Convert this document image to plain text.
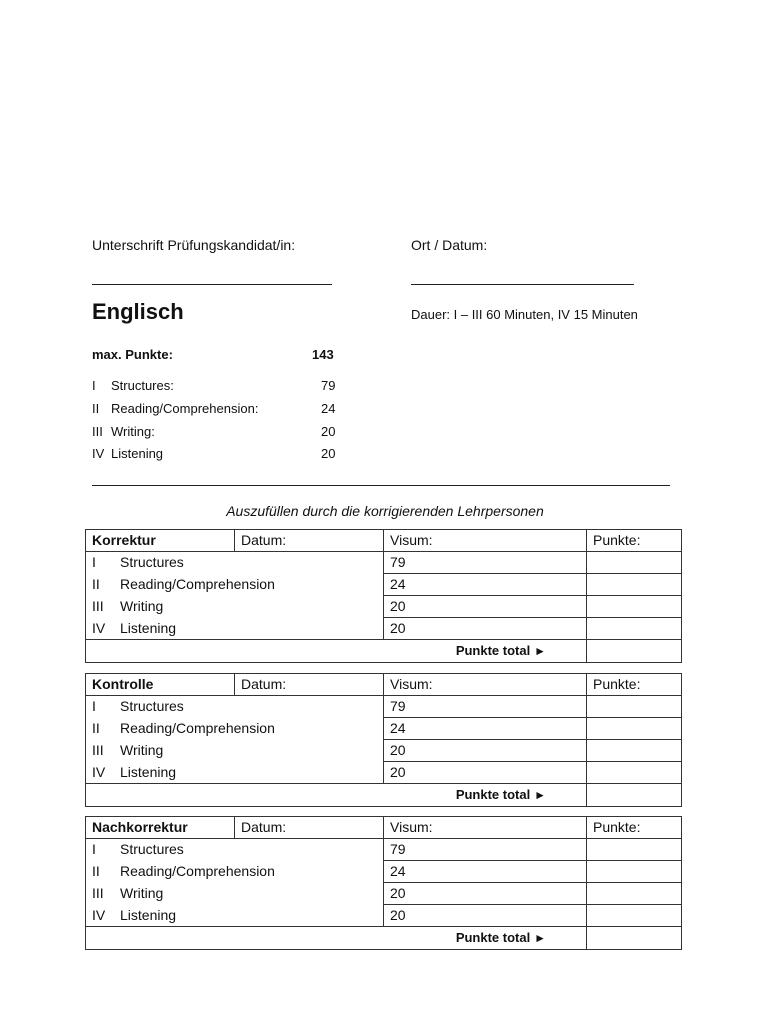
Unterschrift Prüfungskandidat/in:	Ort / Datum:
Englisch	Dauer: I – III 60 Minuten, IV 15 Minuten
max. Punkte:	143
I Structures:	79
II Reading/Comprehension:	24
III Writing:	20
IV Listening	20
Auszufüllen durch die korrigierenden Lehrpersonen
Korrektur	Datum:	Visum:	Punkte:
I Structures		79	
II Reading/Comprehension		24	
III Writing		20	
IV Listening		20	
Punkte total ►			
Kontrolle	Datum:	Visum:	Punkte:
I Structures		79	
II Reading/Comprehension		24	
III Writing		20	
IV Listening		20	
Punkte total ►			
Nachkorrektur	Datum:	Visum:	Punkte:
I Structures		79	
II Reading/Comprehension		24	
III Writing		20	
IV Listening		20	
Punkte total ►			
